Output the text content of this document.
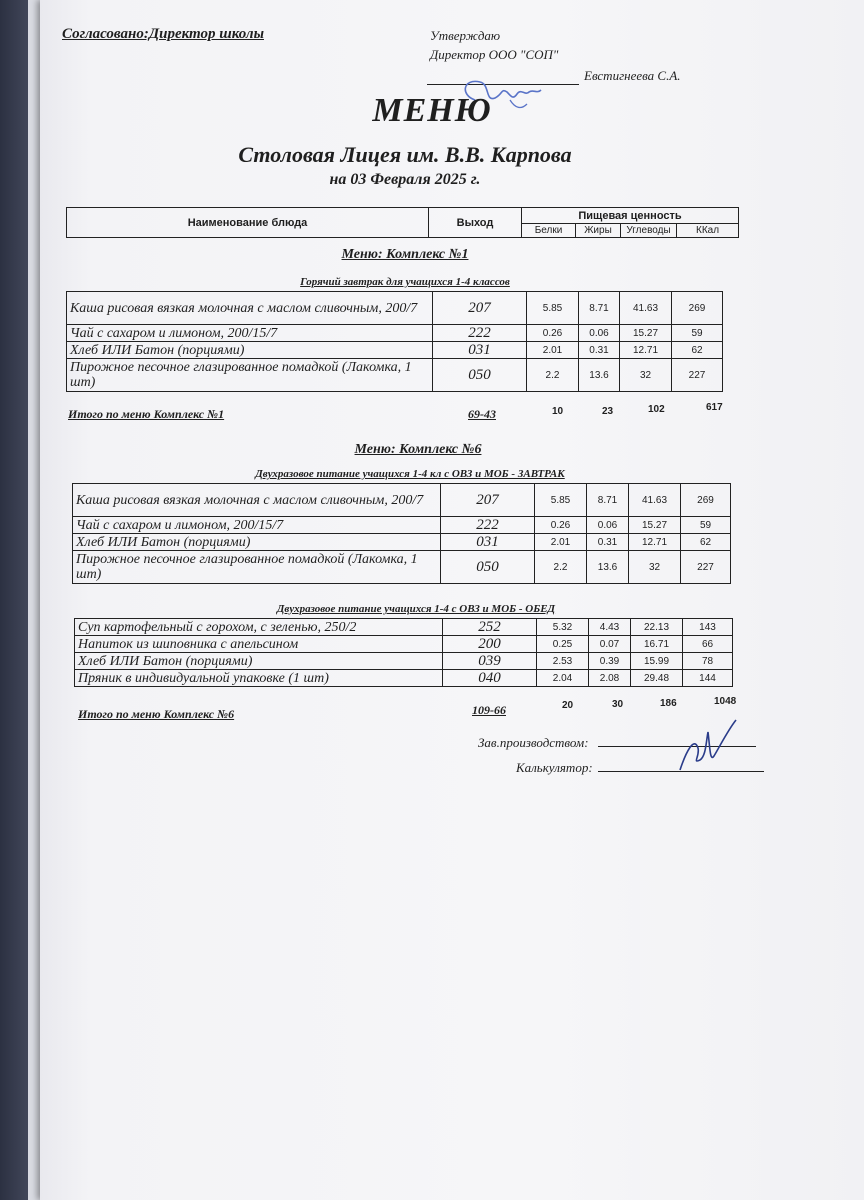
Согласовано:Директор школы	Утверждаю
Директор ООО "СОП"
Евстигнеева С.А.
МЕНЮ
Столовая Лицея им. В.В. Карпова
на 03 Февраля 2025 г.
Наименование блюда	Выход	Пищевая ценность			
		Белки	Жиры	Углеводы	ККал
Меню: Комплекс №1
Горячий завтрак для учащихся 1-4 классов
Каша рисовая вязкая молочная с маслом сливочным, 200/7	207	5.85	8.71	41.63	269
Чай с сахаром и лимоном, 200/15/7	222	0.26	0.06	15.27	59
Хлеб ИЛИ Батон (порциями)	031	2.01	0.31	12.71	62
Пирожное песочное глазированное помадкой (Лакомка, 1 шт)	050	2.2	13.6	32	227
Итого по меню Комплекс №1	69-43	10	23	102	617
Меню: Комплекс №6
Двухразовое питание учащихся 1-4 кл с ОВЗ и МОБ - ЗАВТРАК
Каша рисовая вязкая молочная с маслом сливочным, 200/7	207	5.85	8.71	41.63	269
Чай с сахаром и лимоном, 200/15/7	222	0.26	0.06	15.27	59
Хлеб ИЛИ Батон (порциями)	031	2.01	0.31	12.71	62
Пирожное песочное глазированное помадкой (Лакомка, 1 шт)	050	2.2	13.6	32	227
Двухразовое питание учащихся 1-4 с ОВЗ и МОБ - ОБЕД
Суп картофельный с горохом, с зеленью, 250/2	252	5.32	4.43	22.13	143
Напиток из шиповника с апельсином	200	0.25	0.07	16.71	66
Хлеб ИЛИ Батон (порциями)	039	2.53	0.39	15.99	78
Пряник в индивидуальной упаковке (1 шт)	040	2.04	2.08	29.48	144
Итого по меню Комплекс №6	109-66	20	30	186	1048
Зав.производством:
Калькулятор:
